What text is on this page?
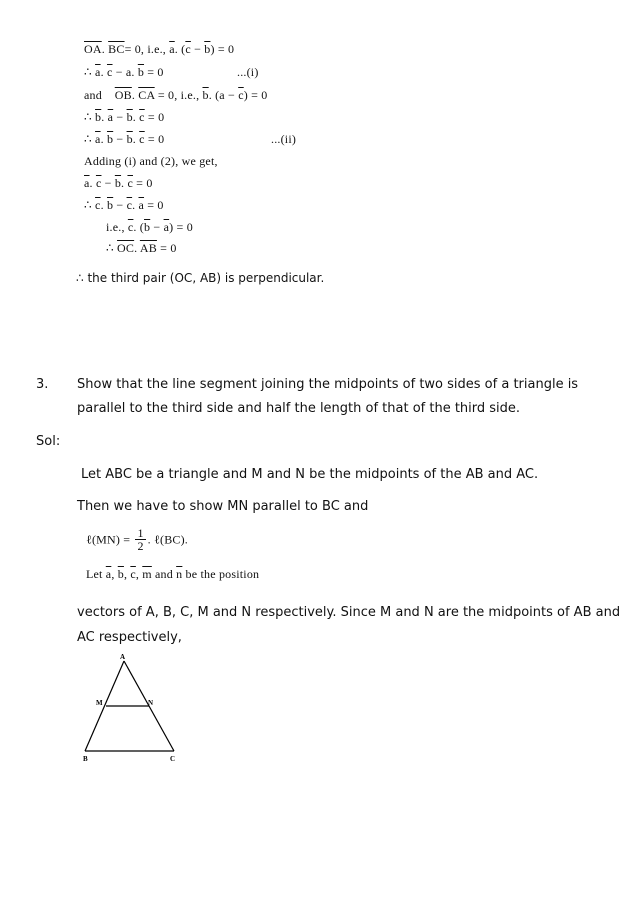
$\overline{OA}$. $\overline{BC}= 0$, i.e., $\overline{a}$. $(\overline{c} - \overline{b}) = 0$
∴ $\overline{a}$. $\overline{c} - a$. $\overline{b} = 0$	...(i)
and $\overline{OB}$. $\overline{CA} = 0$, i.e., $\overline{b}$. $(a - \overline{c}) = 0$
∴ $\overline{b}$. $\overline{a} - \overline{b}$. $\overline{c} = 0$
∴ $\overline{a}$. $\overline{b} - \overline{b}$. $\overline{c} = 0$	...(ii)
Adding (i) and (2), we get,
$\overline{a}$. $\overline{c} - \overline{b}$. $\overline{c} = 0$
∴ $\overline{c}$. $\overline{b} - \overline{c}$. $\overline{a} = 0$
i.e., $\overline{c}$. $(\overline{b} - \overline{a}) = 0$
∴ $\overline{OC}$. $\overline{AB} = 0$
∴ the third pair (OC, AB) is perpendicular.
3. Show that the line segment joining the midpoints of two sides of a triangle is
parallel to the third side and half the length of that of the third side.
Sol:
Let ABC be a triangle and M and N be the midpoints of the AB and AC.
Then we have to show MN parallel to BC and
ℓ(MN) = $\frac{1}{2}$ . ℓ(BC).
Let $\overline{a}$, $\overline{b}$, $\overline{c}$, $\overline{m}$ and $\overline{n}$ be the position
vectors of A, B, C, M and N respectively. Since M and N are the midpoints of AB and
AC respectively,
A
M	N
B	C
